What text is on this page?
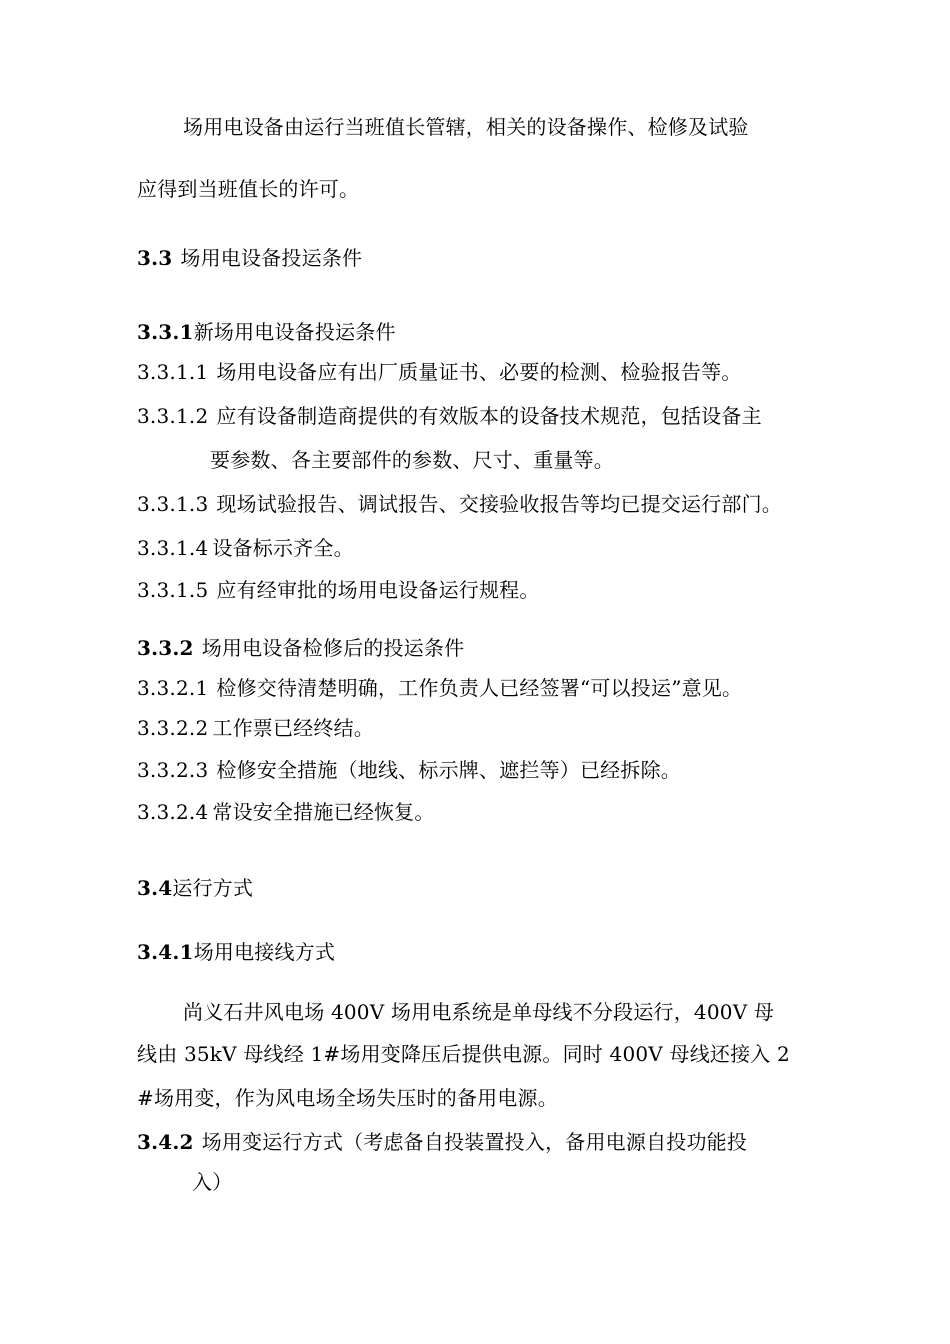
场用电设备由运行当班值长管辖，相关的设备操作、检修及试验
应得到当班值长的许可。
3.3 场用电设备投运条件
3.3.1新场用电设备投运条件
3.3.1.1 场用电设备应有出厂质量证书、必要的检测、检验报告等。
3.3.1.2 应有设备制造商提供的有效版本的设备技术规范，包括设备主
要参数、各主要部件的参数、尺寸、重量等。
3.3.1.3 现场试验报告、调试报告、交接验收报告等均已提交运行部门。
3.3.1.4 设备标示齐全。
3.3.1.5 应有经审批的场用电设备运行规程。
3.3.2 场用电设备检修后的投运条件
3.3.2.1 检修交待清楚明确，工作负责人已经签署“可以投运”意见。
3.3.2.2 工作票已经终结。
3.3.2.3 检修安全措施（地线、标示牌、遮拦等）已经拆除。
3.3.2.4 常设安全措施已经恢复。
3.4运行方式
3.4.1场用电接线方式
尚义石井风电场 400V 场用电系统是单母线不分段运行，400V 母
线由 35kV 母线经 1#场用变降压后提供电源。同时 400V 母线还接入 2
#场用变，作为风电场全场失压时的备用电源。
3.4.2 场用变运行方式（考虑备自投装置投入，备用电源自投功能投
入）
